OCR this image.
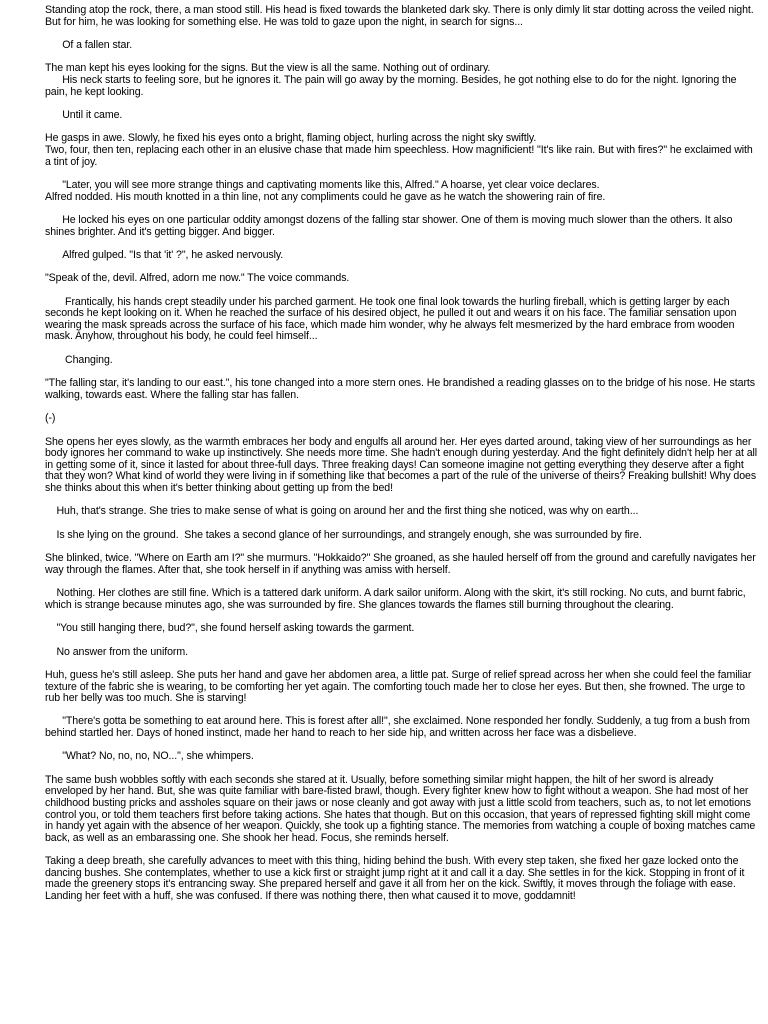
Standing atop the rock, there, a man stood still. His head is fixed towards the blanketed dark sky. There is only dimly lit star dotting across the veiled night. But for him, he was looking for something else. He was told to gaze upon the night, in search for signs...

Of a fallen star.

The man kept his eyes looking for the signs. But the view is all the same. Nothing out of ordinary.

His neck starts to feeling sore, but he ignores it. The pain will go away by the morning. Besides, he got nothing else to do for the night. Ignoring the pain, he kept looking.

Until it came.

He gasps in awe. Slowly, he fixed his eyes onto a bright, flaming object, hurling across the night sky swiftly.

Two, four, then ten, replacing each other in an elusive chase that made him speechless. How magnificient! "It's like rain. But with fires?" he exclaimed with a tint of joy.

"Later, you will see more strange things and captivating moments like this, Alfred." A hoarse, yet clear voice declares.

Alfred nodded. His mouth knotted in a thin line, not any compliments could he gave as he watch the showering rain of fire.

He locked his eyes on one particular oddity amongst dozens of the falling star shower. One of them is moving much slower than the others. It also shines brighter. And it's getting bigger. And bigger.

Alfred gulped. "Is that 'it' ?", he asked nervously.

"Speak of the, devil. Alfred, adorn me now." The voice commands.

Frantically, his hands crept steadily under his parched garment. He took one final look towards the hurling fireball, which is getting larger by each seconds he kept looking on it. When he reached the surface of his desired object, he pulled it out and wears it on his face. The familiar sensation upon wearing the mask spreads across the surface of his face, which made him wonder, why he always felt mesmerized by the hard embrace from wooden mask. Anyhow, throughout his body, he could feel himself...

Changing.

"The falling star, it's landing to our east.", his tone changed into a more stern ones. He brandished a reading glasses on to the bridge of his nose. He starts walking, towards east. Where the falling star has fallen.

(-)

She opens her eyes slowly, as the warmth embraces her body and engulfs all around her. Her eyes darted around, taking view of her surroundings as her body ignores her command to wake up instinctively. She needs more time. She hadn't enough during yesterday. And the fight definitely didn't help her at all in getting some of it, since it lasted for about three-full days. Three freaking days! Can someone imagine not getting everything they deserve after a fight that they won? What kind of world they were living in if something like that becomes a part of the rule of the universe of theirs? Freaking bullshit! Why does she thinks about this when it's better thinking about getting up from the bed!

Huh, that's strange. She tries to make sense of what is going on around her and the first thing she noticed, was why on earth...

Is she lying on the ground.  She takes a second glance of her surroundings, and strangely enough, she was surrounded by fire.

She blinked, twice. "Where on Earth am I?" she murmurs. "Hokkaido?" She groaned, as she hauled herself off from the ground and carefully navigates her way through the flames. After that, she took herself in if anything was amiss with herself.

Nothing. Her clothes are still fine. Which is a tattered dark uniform. A dark sailor uniform. Along with the skirt, it's still rocking. No cuts, and burnt fabric, which is strange because minutes ago, she was surrounded by fire. She glances towards the flames still burning throughout the clearing.

"You still hanging there, bud?", she found herself asking towards the garment.

No answer from the uniform.

Huh, guess he's still asleep. She puts her hand and gave her abdomen area, a little pat. Surge of relief spread across her when she could feel the familiar texture of the fabric she is wearing, to be comforting her yet again. The comforting touch made her to close her eyes. But then, she frowned. The urge to rub her belly was too much. She is starving!

"There's gotta be something to eat around here. This is forest after all!", she exclaimed. None responded her fondly. Suddenly, a tug from a bush from behind startled her. Days of honed instinct, made her hand to reach to her side hip, and written across her face was a disbelieve.

"What? No, no, no, NO...", she whimpers.

The same bush wobbles softly with each seconds she stared at it. Usually, before something similar might happen, the hilt of her sword is already enveloped by her hand. But, she was quite familiar with bare-fisted brawl, though. Every fighter knew how to fight without a weapon. She had most of her childhood busting pricks and assholes square on their jaws or nose cleanly and got away with just a little scold from teachers, such as, to not let emotions control you, or told them teachers first before taking actions. She hates that though. But on this occasion, that years of repressed fighting skill might come in handy yet again with the absence of her weapon. Quickly, she took up a fighting stance. The memories from watching a couple of boxing matches came back, as well as an embarassing one. She shook her head. Focus, she reminds herself.

Taking a deep breath, she carefully advances to meet with this thing, hiding behind the bush. With every step taken, she fixed her gaze locked onto the dancing bushes. She contemplates, whether to use a kick first or straight jump right at it and call it a day. She settles in for the kick. Stopping in front of it made the greenery stops it's entrancing sway. She prepared herself and gave it all from her on the kick. Swiftly, it moves through the foliage with ease. Landing her feet with a huff, she was confused. If there was nothing there, then what caused it to move, goddamnit!
